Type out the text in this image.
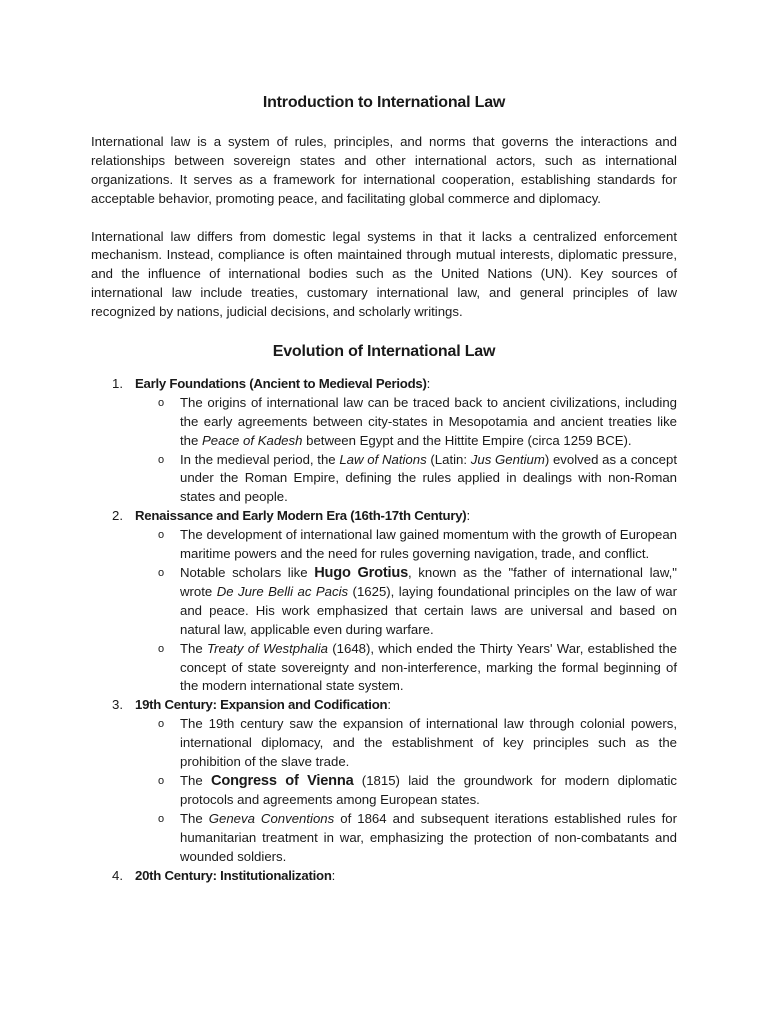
Introduction to International Law

International law is a system of rules, principles, and norms that governs the interactions and relationships between sovereign states and other international actors, such as international organizations. It serves as a framework for international cooperation, establishing standards for acceptable behavior, promoting peace, and facilitating global commerce and diplomacy.

International law differs from domestic legal systems in that it lacks a centralized enforcement mechanism. Instead, compliance is often maintained through mutual interests, diplomatic pressure, and the influence of international bodies such as the United Nations (UN). Key sources of international law include treaties, customary international law, and general principles of law recognized by nations, judicial decisions, and scholarly writings.

Evolution of International Law
1. Early Foundations (Ancient to Medieval Periods):
o The origins of international law can be traced back to ancient civilizations, including the early agreements between city-states in Mesopotamia and ancient treaties like the Peace of Kadesh between Egypt and the Hittite Empire (circa 1259 BCE).
o In the medieval period, the Law of Nations (Latin: Jus Gentium) evolved as a concept under the Roman Empire, defining the rules applied in dealings with non-Roman states and people.
2. Renaissance and Early Modern Era (16th-17th Century):
o The development of international law gained momentum with the growth of European maritime powers and the need for rules governing navigation, trade, and conflict.
o Notable scholars like Hugo Grotius, known as the "father of international law," wrote De Jure Belli ac Pacis (1625), laying foundational principles on the law of war and peace. His work emphasized that certain laws are universal and based on natural law, applicable even during warfare.
o The Treaty of Westphalia (1648), which ended the Thirty Years' War, established the concept of state sovereignty and non-interference, marking the formal beginning of the modern international state system.
3. 19th Century: Expansion and Codification:
o The 19th century saw the expansion of international law through colonial powers, international diplomacy, and the establishment of key principles such as the prohibition of the slave trade.
o The Congress of Vienna (1815) laid the groundwork for modern diplomatic protocols and agreements among European states.
o The Geneva Conventions of 1864 and subsequent iterations established rules for humanitarian treatment in war, emphasizing the protection of non-combatants and wounded soldiers.
4. 20th Century: Institutionalization:
